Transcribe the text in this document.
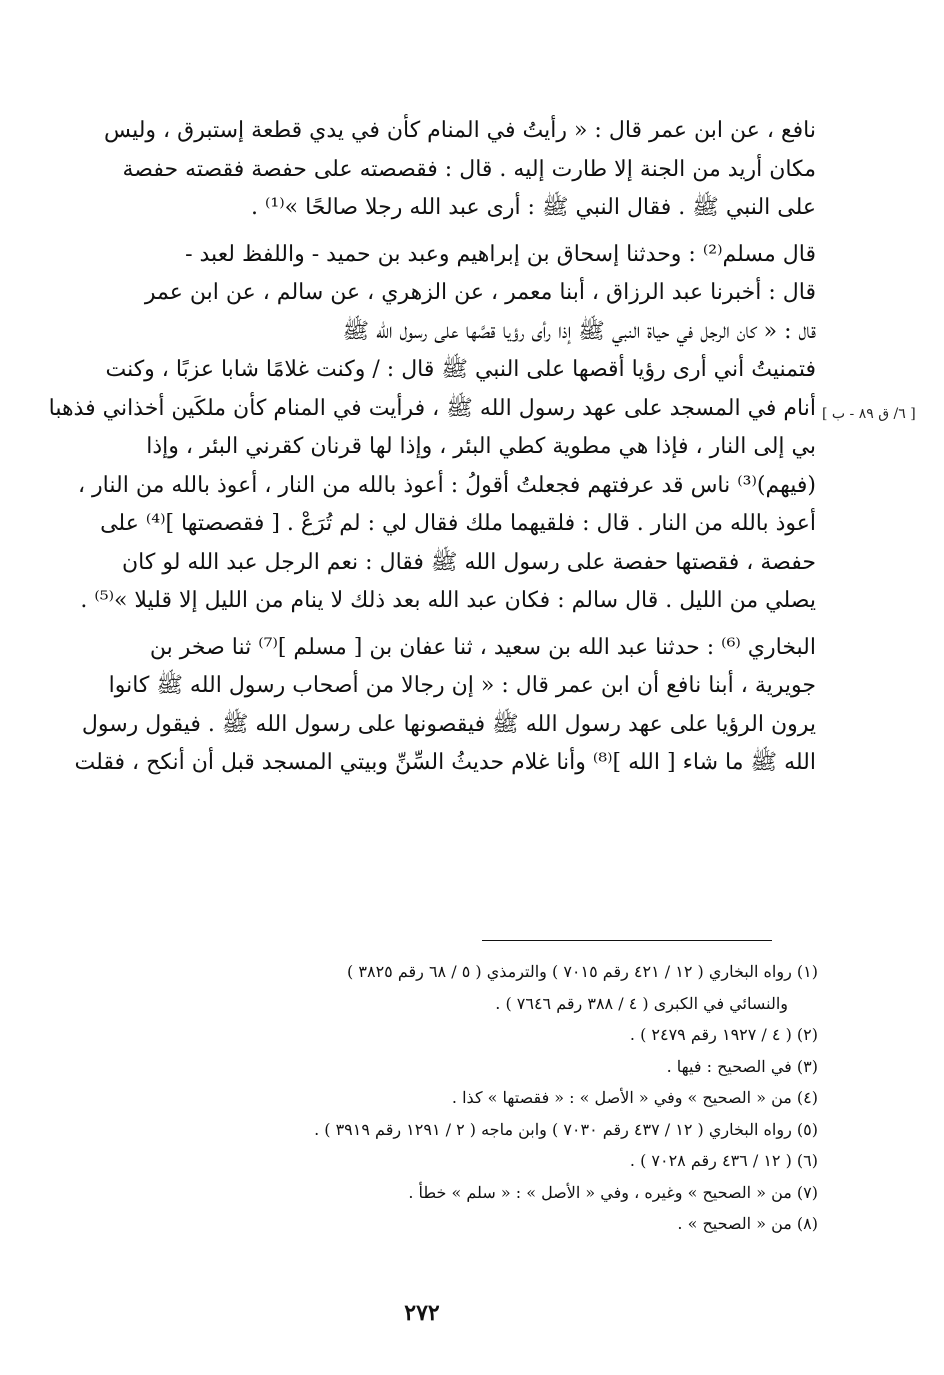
[ ٦/ ق ٨٩ - ب ]

نافع ، عن ابن عمر قال : « رأيتُ في المنام كأن في يدي قطعة إستبرق ، وليس
مكان أريد من الجنة إلا طارت إليه . قال : فقصصته على حفصة فقصته حفصة
على النبي ﷺ . فقال النبي ﷺ : أرى عبد الله رجلا صالحًا »⁽¹⁾ .

قال مسلم⁽²⁾ : وحدثنا إسحاق بن إبراهيم وعبد بن حميد - واللفظ لعبد -
قال : أخبرنا عبد الرزاق ، أبنا معمر ، عن الزهري ، عن سالم ، عن ابن عمر
قال : « كان الرجل في حياة النبي ﷺ إذا رأى رؤيا قصَّها على رسول الله ﷺ
فتمنيتُ أني أرى رؤيا أقصها على النبي ﷺ قال : / وكنت غلامًا شابا عزبًا ، وكنت
أنام في المسجد على عهد رسول الله ﷺ ، فرأيت في المنام كأن ملكَين أخذاني فذهبا
بي إلى النار ، فإذا هي مطوية كطي البئر ، وإذا لها قرنان كقرني البئر ، وإذا
(فيهم)⁽³⁾ ناس قد عرفتهم فجعلتُ أقولُ : أعوذ بالله من النار ، أعوذ بالله من النار ،
أعوذ بالله من النار . قال : فلقيهما ملك فقال لي : لم تُرَعْ . [ فقصصتها ]⁽⁴⁾ على
حفصة ، فقصتها حفصة على رسول الله ﷺ فقال : نعم الرجل عبد الله لو كان
يصلي من الليل . قال سالم : فكان عبد الله بعد ذلك لا ينام من الليل إلا قليلا »⁽⁵⁾ .

البخاري ⁽⁶⁾ : حدثنا عبد الله بن سعيد ، ثنا عفان بن [ مسلم ]⁽⁷⁾ ثنا صخر بن
جويرية ، أبنا نافع أن ابن عمر قال : « إن رجالا من أصحاب رسول الله ﷺ كانوا
يرون الرؤيا على عهد رسول الله ﷺ فيقصونها على رسول الله ﷺ . فيقول رسول
الله ﷺ ما شاء [ الله ]⁽⁸⁾ وأنا غلام حديثُ السِّنِّ وبيتي المسجد قبل أن أنكح ، فقلت

(١) رواه البخاري ( ١٢ / ٤٢١ رقم ٧٠١٥ ) والترمذي ( ٥ / ٦٨ رقم ٣٨٢٥ )
والنسائي في الكبرى ( ٤ / ٣٨٨ رقم ٧٦٤٦ ) .
(٢) ( ٤ / ١٩٢٧ رقم ٢٤٧٩ ) .
(٣) في الصحيح : فيها .
(٤) من « الصحيح » وفي « الأصل » : « فقصتها » كذا .
(٥) رواه البخاري ( ١٢ / ٤٣٧ رقم ٧٠٣٠ ) وابن ماجه ( ٢ / ١٢٩١ رقم ٣٩١٩ ) .
(٦) ( ١٢ / ٤٣٦ رقم ٧٠٢٨ ) .
(٧) من « الصحيح » وغيره ، وفي « الأصل » : « سلم » خطأ .
(٨) من « الصحيح » .
٢٧٢
